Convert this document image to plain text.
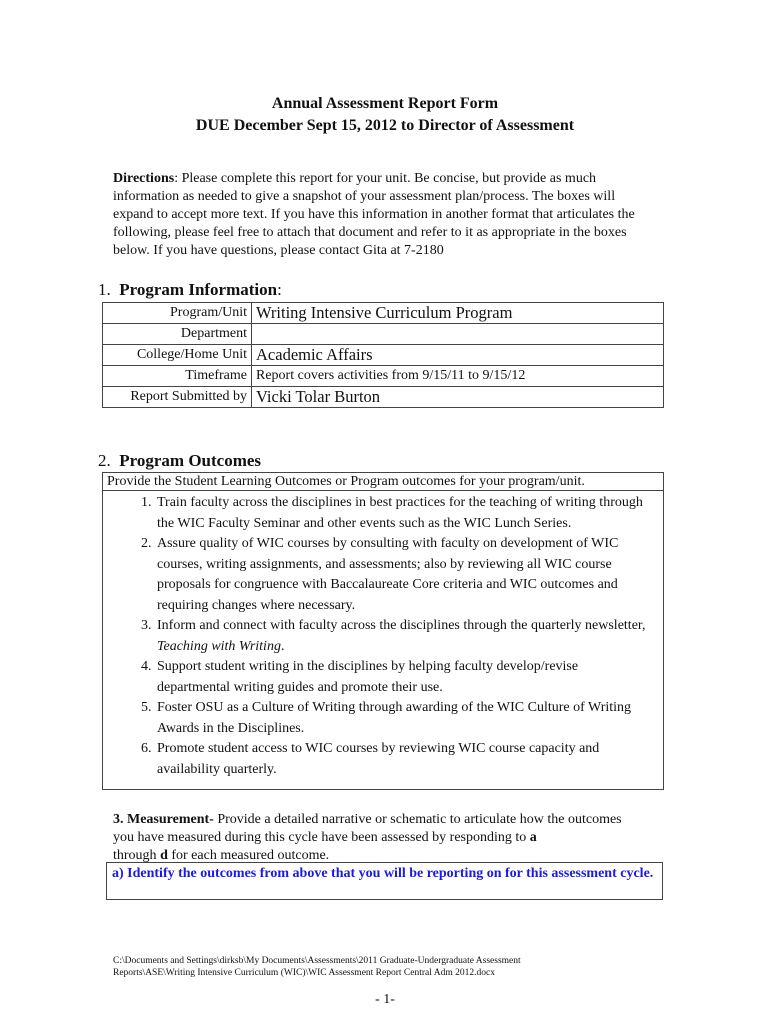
Annual Assessment Report Form
DUE December Sept 15, 2012 to Director of Assessment
Directions: Please complete this report for your unit. Be concise, but provide as much information as needed to give a snapshot of your assessment plan/process. The boxes will expand to accept more text. If you have this information in another format that articulates the following, please feel free to attach that document and refer to it as appropriate in the boxes below. If you have questions, please contact Gita at 7-2180
1. Program Information:
Program/Unit	Writing Intensive Curriculum Program
Department	
College/Home Unit	Academic Affairs
Timeframe	Report covers activities from 9/15/11 to 9/15/12
Report Submitted by	Vicki Tolar Burton
2. Program Outcomes
Provide the Student Learning Outcomes or Program outcomes for your program/unit.
1. Train faculty across the disciplines in best practices for the teaching of writing through the WIC Faculty Seminar and other events such as the WIC Lunch Series.
2. Assure quality of WIC courses by consulting with faculty on development of WIC courses, writing assignments, and assessments; also by reviewing all WIC course proposals for congruence with Baccalaureate Core criteria and WIC outcomes and requiring changes where necessary.
3. Inform and connect with faculty across the disciplines through the quarterly newsletter, Teaching with Writing.
4. Support student writing in the disciplines by helping faculty develop/revise departmental writing guides and promote their use.
5. Foster OSU as a Culture of Writing through awarding of the WIC Culture of Writing Awards in the Disciplines.
6. Promote student access to WIC courses by reviewing WIC course capacity and availability quarterly.
3. Measurement- Provide a detailed narrative or schematic to articulate how the outcomes you have measured during this cycle have been assessed by responding to a
through d for each measured outcome.
a) Identify the outcomes from above that you will be reporting on for this assessment cycle.
C:\Documents and Settings\dirksb\My Documents\Assessments\2011 Graduate-Undergraduate Assessment Reports\ASE\Writing Intensive Curriculum (WIC)\WIC Assessment Report Central Adm 2012.docx
- 1-
